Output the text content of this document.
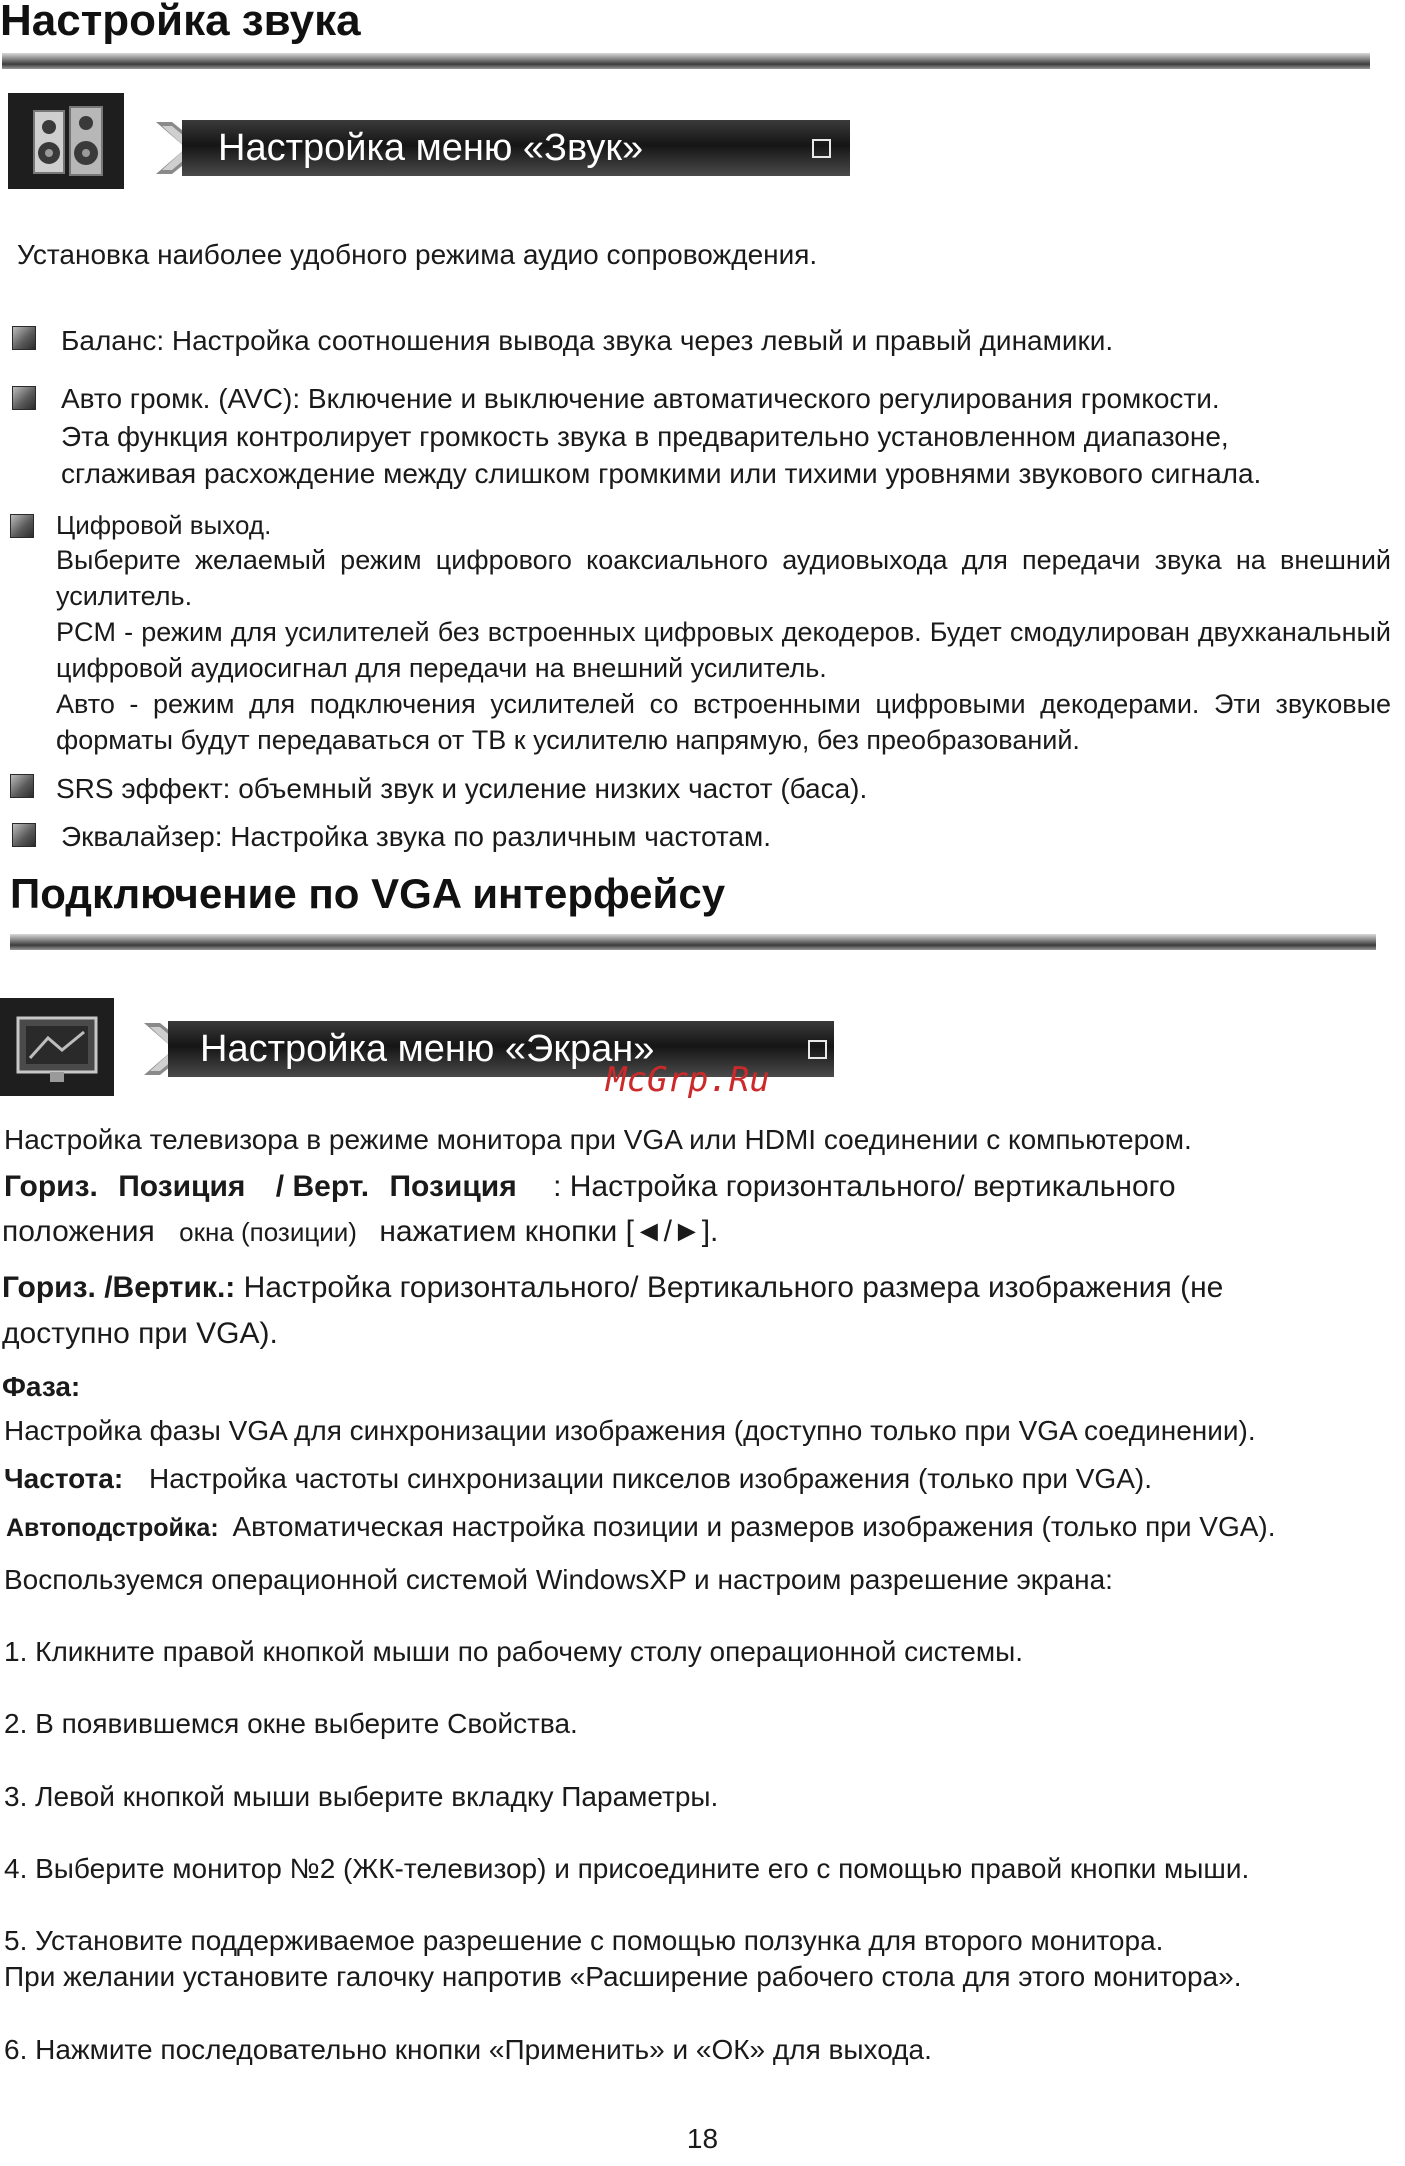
Настройка звука
Настройка меню «Звук»
Установка наиболее удобного режима аудио сопровождения.
Баланс: Настройка соотношения вывода звука через левый и правый динамики.
Авто громк. (AVC): Включение и выключение автоматического регулирования громкости.
Эта функция контролирует громкость звука в предварительно установленном диапазоне,
сглаживая расхождение между слишком громкими или тихими уровнями звукового сигнала.
Цифровой выход.
Выберите желаемый режим цифрового коаксиального аудиовыхода для передачи звука на внешний усилитель.
PCM - режим для усилителей без встроенных цифровых декодеров. Будет смодулирован двухканальный цифровой аудиосигнал для передачи на внешний усилитель.
Авто - режим для подключения усилителей со встроенными цифровыми декодерами. Эти звуковые форматы будут передаваться от ТВ к усилителю напрямую, без преобразований.
SRS эффект: объемный звук и усиление низких частот (баса).
Эквалайзер: Настройка звука по различным частотам.
Подключение по VGA интерфейсу
Настройка меню «Экран»
McGrp.Ru
Настройка телевизора в режиме монитора при VGA или HDMI соединении с компьютером.
Гориз. Позиция / Верт. Позиция : Настройка горизонтального/ вертикального
положения окна (позиции) нажатием кнопки [◄/►].
Гориз. /Вертик.: Настройка горизонтального/ Вертикального размера изображения (не
доступно при VGA).
Фаза:
Настройка фазы VGA для синхронизации изображения (доступно только при VGA соединении).
Частота: Настройка частоты синхронизации пикселов изображения (только при VGA).
Автоподстройка: Автоматическая настройка позиции и размеров изображения (только при VGA).
Воспользуемся операционной системой WindowsXP и настроим разрешение экрана:
1. Кликните правой кнопкой мыши по рабочему столу операционной системы.
2. В появившемся окне выберите Свойства.
3. Левой кнопкой мыши выберите вкладку Параметры.
4. Выберите монитор №2 (ЖК-телевизор) и присоедините его с помощью правой кнопки мыши.
5. Установите поддерживаемое разрешение с помощью ползунка для второго монитора.
При желании установите галочку напротив «Расширение рабочего стола для этого монитора».
6. Нажмите последовательно кнопки «Применить» и «ОК» для выхода.
18
